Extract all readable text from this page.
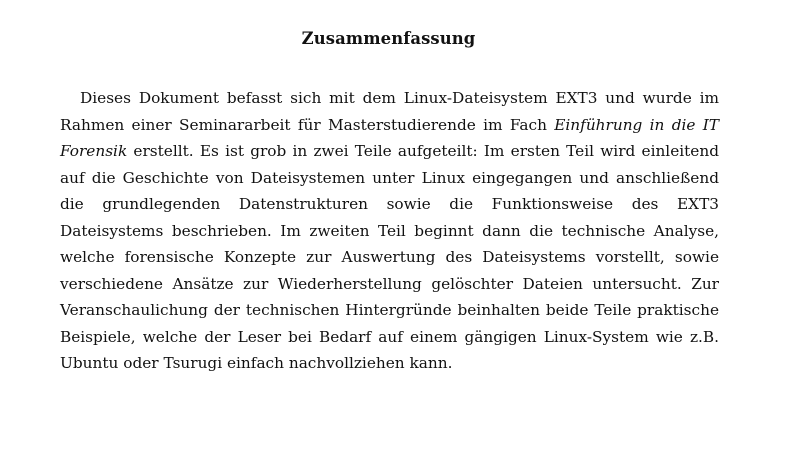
Zusammenfassung

Dieses Dokument befasst sich mit dem Linux-Dateisystem EXT3 und wurde im Rahmen einer Seminararbeit für Masterstudierende im Fach Einführung in die IT Forensik erstellt. Es ist grob in zwei Teile aufgeteilt: Im ersten Teil wird einleitend auf die Geschichte von Dateisystemen unter Linux eingegangen und anschließend die grundlegenden Datenstrukturen sowie die Funktionsweise des EXT3 Dateisystems beschrieben. Im zweiten Teil beginnt dann die technische Analyse, welche forensische Konzepte zur Auswertung des Dateisystems vorstellt, sowie verschiedene Ansätze zur Wiederherstellung gelöschter Dateien untersucht. Zur Veranschaulichung der technischen Hintergründe beinhalten beide Teile praktische Beispiele, welche der Leser bei Bedarf auf einem gängigen Linux-System wie z.B. Ubuntu oder Tsurugi einfach nachvollziehen kann.
